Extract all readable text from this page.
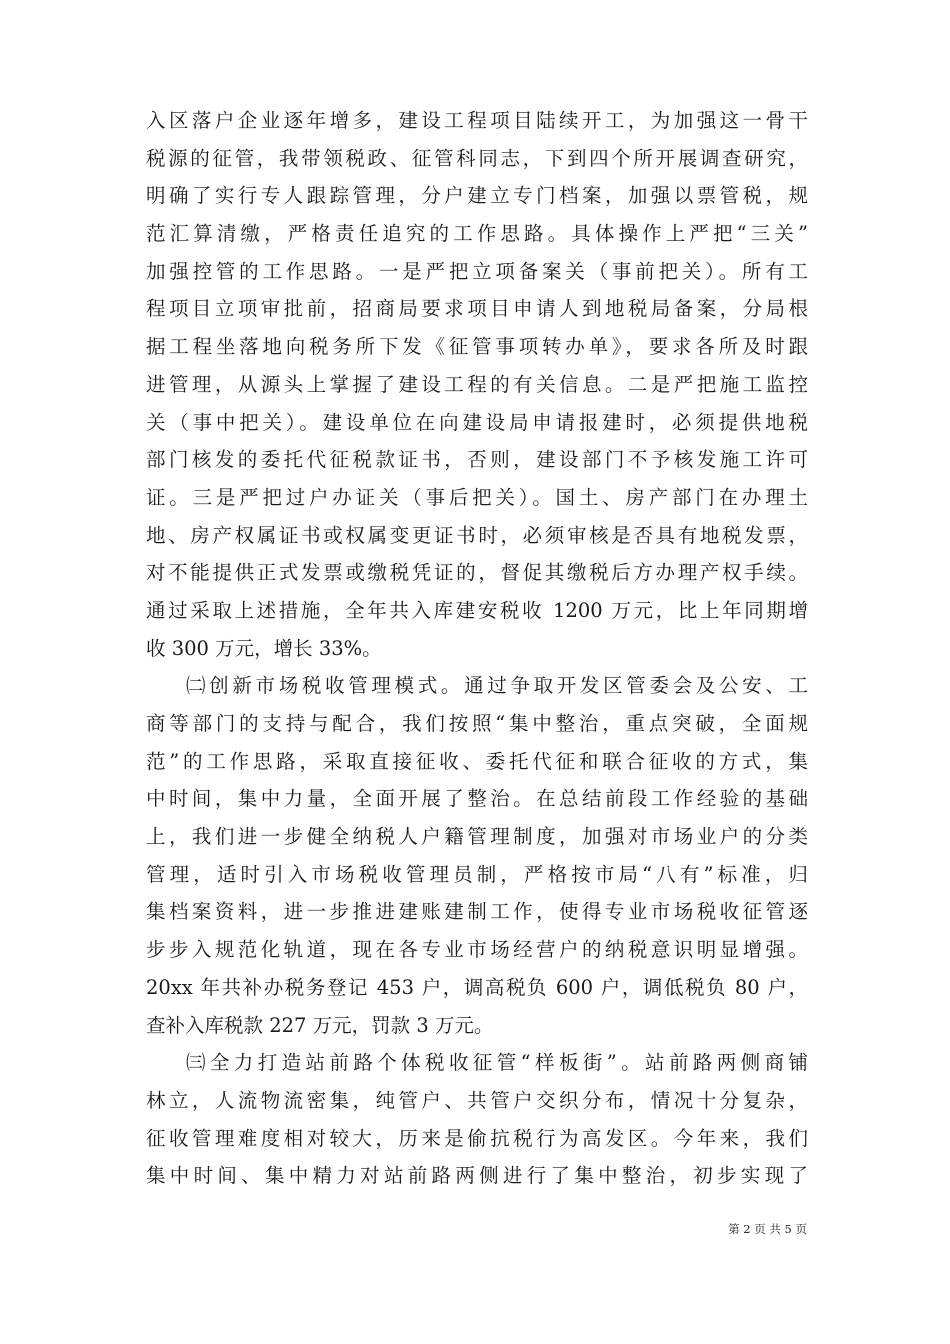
入区落户企业逐年增多，建设工程项目陆续开工，为加强这一骨干
税源的征管，我带领税政、征管科同志，下到四个所开展调查研究，
明确了实行专人跟踪管理，分户建立专门档案，加强以票管税，规
范汇算清缴，严格责任追究的工作思路。具体操作上严把“三关”
加强控管的工作思路。一是严把立项备案关（事前把关）。所有工
程项目立项审批前，招商局要求项目申请人到地税局备案，分局根
据工程坐落地向税务所下发《征管事项转办单》，要求各所及时跟
进管理，从源头上掌握了建设工程的有关信息。二是严把施工监控
关（事中把关）。建设单位在向建设局申请报建时，必须提供地税
部门核发的委托代征税款证书，否则，建设部门不予核发施工许可
证。三是严把过户办证关（事后把关）。国土、房产部门在办理土
地、房产权属证书或权属变更证书时，必须审核是否具有地税发票，
对不能提供正式发票或缴税凭证的，督促其缴税后方办理产权手续。
通过采取上述措施，全年共入库建安税收 1200 万元，比上年同期增
收 300 万元，增长 33%。
㈡创新市场税收管理模式。通过争取开发区管委会及公安、工
商等部门的支持与配合，我们按照“集中整治，重点突破，全面规
范”的工作思路，采取直接征收、委托代征和联合征收的方式，集
中时间，集中力量，全面开展了整治。在总结前段工作经验的基础
上，我们进一步健全纳税人户籍管理制度，加强对市场业户的分类
管理，适时引入市场税收管理员制，严格按市局“八有”标准，归
集档案资料，进一步推进建账建制工作，使得专业市场税收征管逐
步步入规范化轨道，现在各专业市场经营户的纳税意识明显增强。
20xx 年共补办税务登记 453 户，调高税负 600 户，调低税负 80 户，
查补入库税款 227 万元，罚款 3 万元。
㈢全力打造站前路个体税收征管“样板街”。站前路两侧商铺
林立，人流物流密集，纯管户、共管户交织分布，情况十分复杂，
征收管理难度相对较大，历来是偷抗税行为高发区。今年来，我们
集中时间、集中精力对站前路两侧进行了集中整治，初步实现了
第 2 页 共 5 页
